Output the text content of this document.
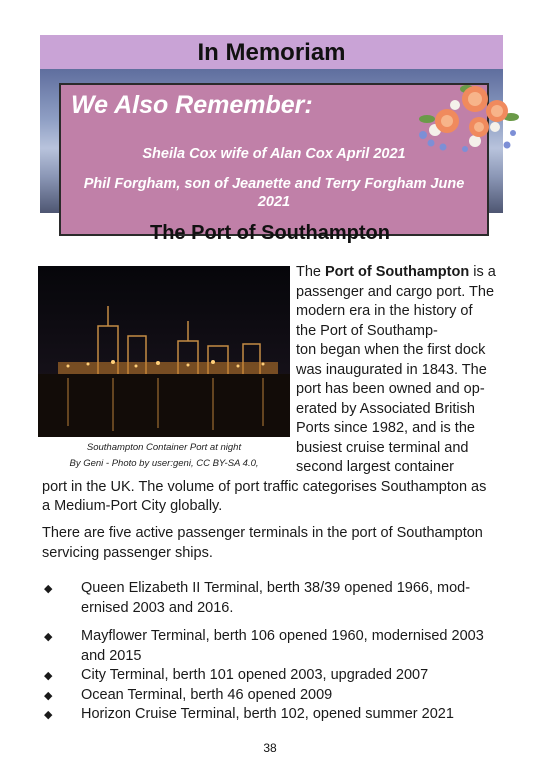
In Memoriam
We Also Remember:
Sheila Cox wife of Alan Cox April 2021
Phil Forgham, son of Jeanette and Terry Forgham June
2021
The Port of Southampton
Southampton Container Port at night
By Geni - Photo by user:geni, CC BY-SA 4.0,
The Port of Southampton is a
passenger and cargo port. The
modern era in the history of
the Port of Southamp-
ton began when the first dock
was inaugurated in 1843. The
port has been owned and op-
erated by Associated British
Ports since 1982, and is the
busiest cruise terminal and
second largest container
port in the UK. The volume of port traffic categorises Southampton as
a Medium-Port City globally.
There are five active passenger terminals in the port of Southampton
servicing passenger ships.
◆ Queen Elizabeth II Terminal, berth 38/39 opened 1966, mod-
ernised 2003 and 2016.
◆ Mayflower Terminal, berth 106 opened 1960, modernised 2003
and 2015
◆ City Terminal, berth 101 opened 2003, upgraded 2007
◆ Ocean Terminal, berth 46 opened 2009
◆ Horizon Cruise Terminal, berth 102, opened summer 2021
38
